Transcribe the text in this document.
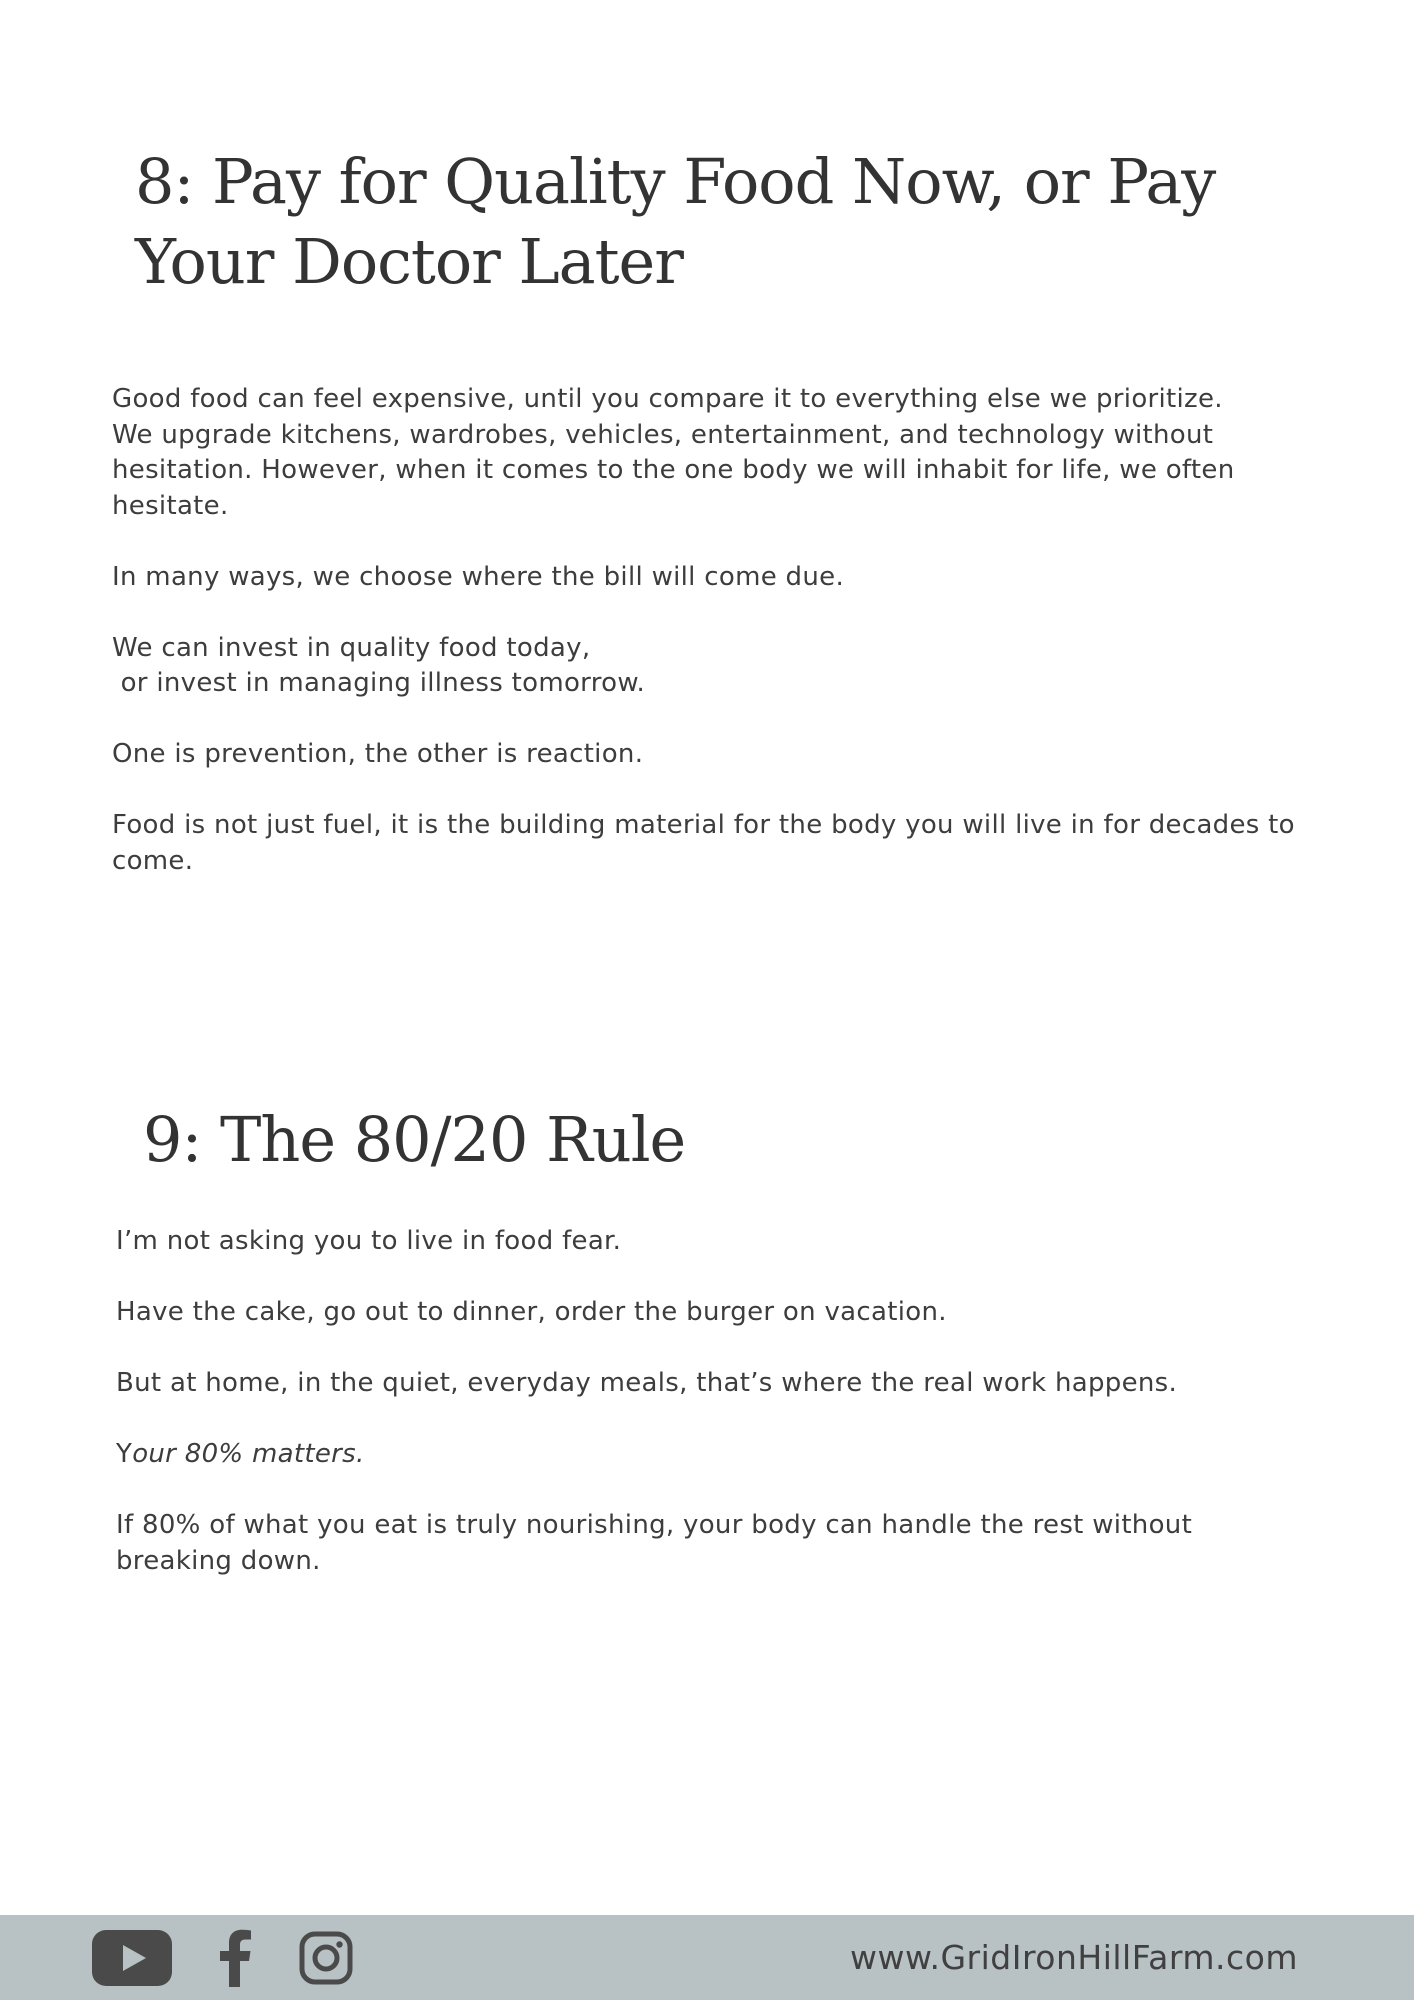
8: Pay for Quality Food Now, or Pay Your Doctor Later

Good food can feel expensive, until you compare it to everything else we prioritize.

We upgrade kitchens, wardrobes, vehicles, entertainment, and technology without hesitation. However, when it comes to the one body we will inhabit for life, we often hesitate.

In many ways, we choose where the bill will come due.

We can invest in quality food today,

or invest in managing illness tomorrow.

One is prevention, the other is reaction.

Food is not just fuel, it is the building material for the body you will live in for decades to come.

9: The 80/20 Rule

I’m not asking you to live in food fear.

Have the cake, go out to dinner, order the burger on vacation.

But at home, in the quiet, everyday meals, that’s where the real work happens.

Your 80% matters.

If 80% of what you eat is truly nourishing, your body can handle the rest without breaking down.

www.GridIronHillFarm.com
